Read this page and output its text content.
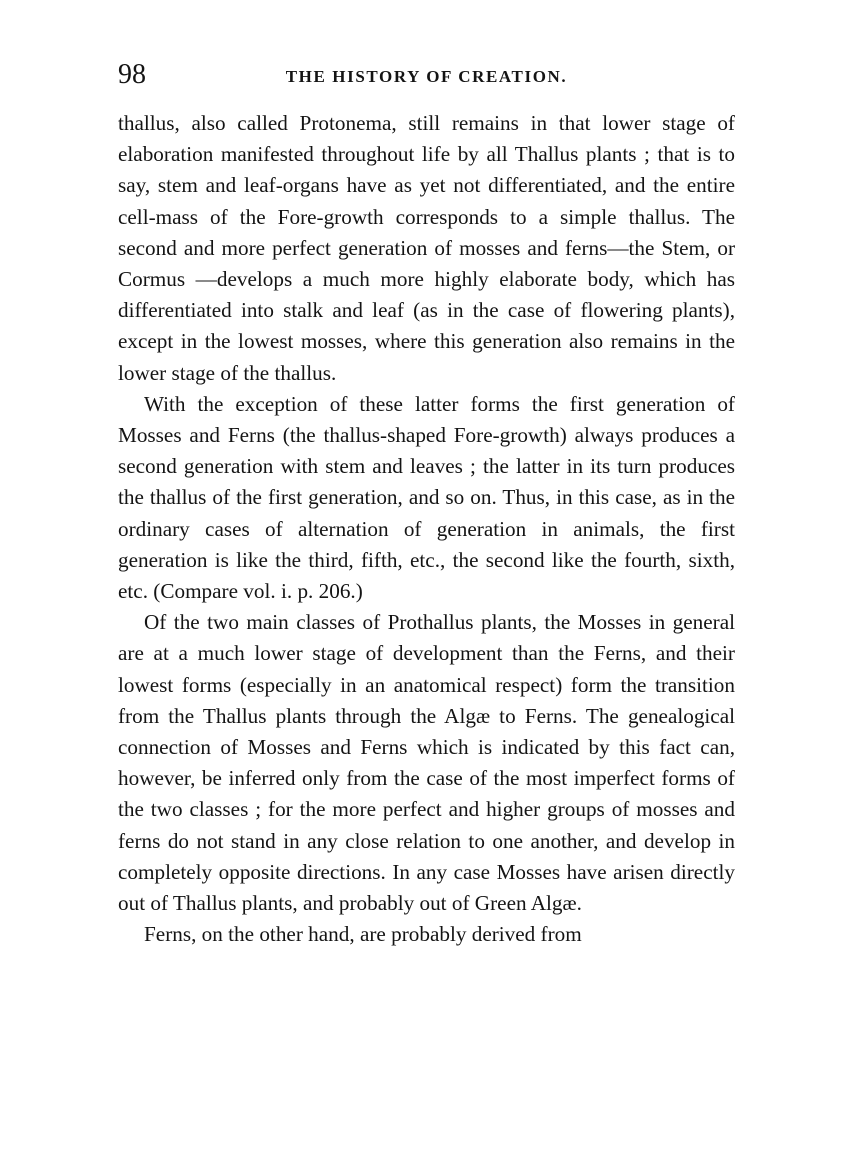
98	THE HISTORY OF CREATION.

thallus, also called Protonema, still remains in that lower stage of elaboration manifested throughout life by all Thallus plants ; that is to say, stem and leaf-organs have as yet not differentiated, and the entire cell-mass of the Fore-growth corresponds to a simple thallus. The second and more perfect generation of mosses and ferns—the Stem, or Cormus —develops a much more highly elaborate body, which has differentiated into stalk and leaf (as in the case of flowering plants), except in the lowest mosses, where this generation also remains in the lower stage of the thallus.

With the exception of these latter forms the first generation of Mosses and Ferns (the thallus-shaped Fore-growth) always produces a second generation with stem and leaves ; the latter in its turn produces the thallus of the first generation, and so on. Thus, in this case, as in the ordinary cases of alternation of generation in animals, the first generation is like the third, fifth, etc., the second like the fourth, sixth, etc. (Compare vol. i. p. 206.)

Of the two main classes of Prothallus plants, the Mosses in general are at a much lower stage of development than the Ferns, and their lowest forms (especially in an anatomical respect) form the transition from the Thallus plants through the Algæ to Ferns. The genealogical connection of Mosses and Ferns which is indicated by this fact can, however, be inferred only from the case of the most imperfect forms of the two classes ; for the more perfect and higher groups of mosses and ferns do not stand in any close relation to one another, and develop in completely opposite directions. In any case Mosses have arisen directly out of Thallus plants, and probably out of Green Algæ.

Ferns, on the other hand, are probably derived from
